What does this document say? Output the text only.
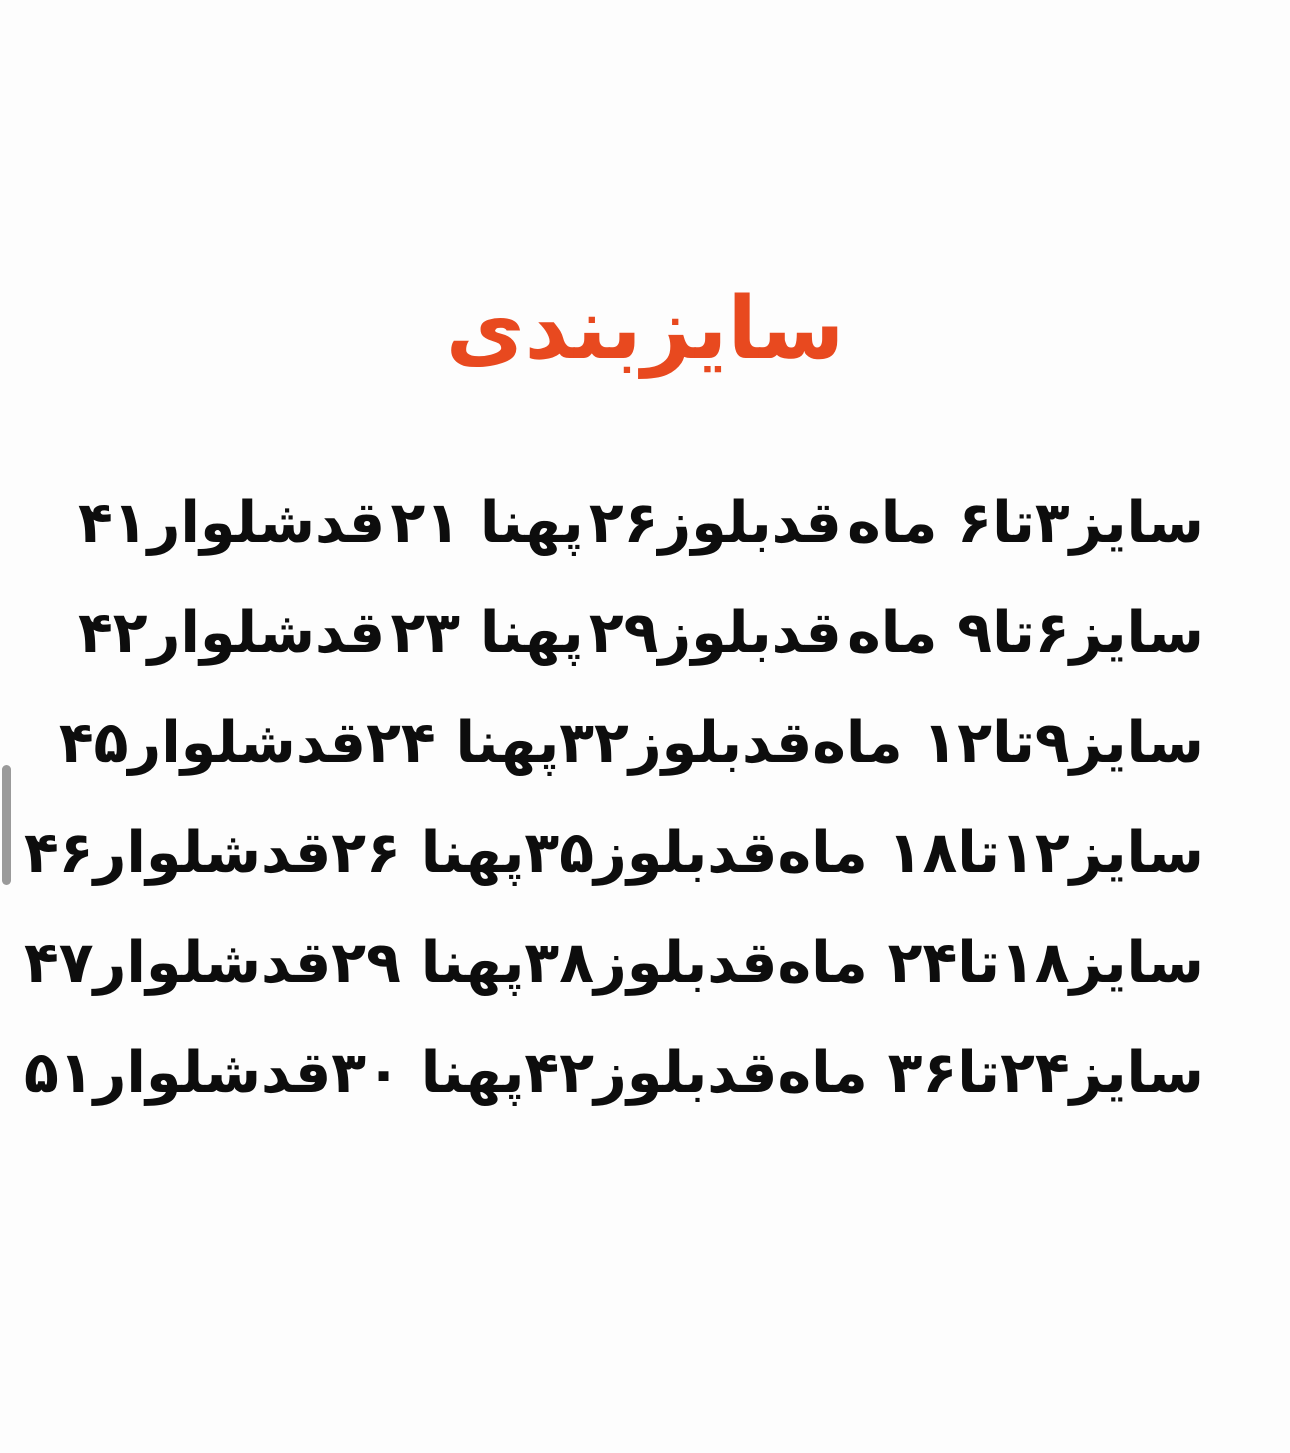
سایزبندی
سایز۳تا۶ ماه
قدبلوز۲۶
پهنا ۲۱
قدشلوار۴۱
سایز۶تا۹ ماه
قدبلوز۲۹
پهنا ۲۳
قدشلوار۴۲
سایز۹تا۱۲ ماه
قدبلوز۳۲
پهنا ۲۴
قدشلوار۴۵
سایز۱۲تا۱۸ ماه
قدبلوز۳۵
پهنا ۲۶
قدشلوار۴۶
سایز۱۸تا۲۴ ماه
قدبلوز۳۸
پهنا ۲۹
قدشلوار۴۷
سایز۲۴تا۳۶ ماه
قدبلوز۴۲
پهنا ۳۰
قدشلوار۵۱
